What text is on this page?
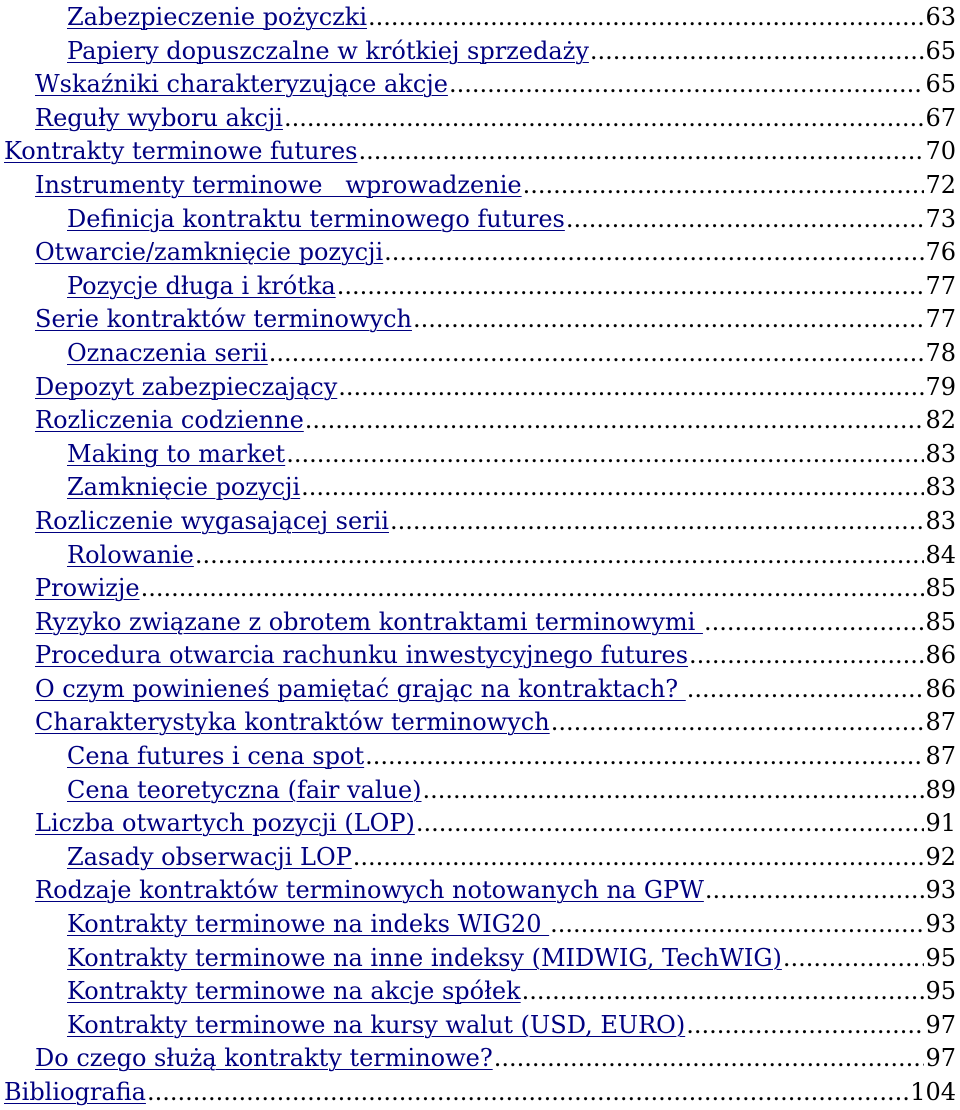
Zabezpieczenie pożyczki .....	63
Papiery dopuszczalne w krótkiej sprzedaży .....	65
Wskaźniki charakteryzujące akcje .....	65
Reguły wyboru akcji .....	67
Kontrakty terminowe futures .....	70
Instrumenty terminowe   wprowadzenie .....	72
Definicja kontraktu terminowego futures .....	73
Otwarcie/zamknięcie pozycji .....	76
Pozycje długa i krótka .....	77
Serie kontraktów terminowych .....	77
Oznaczenia serii .....	78
Depozyt zabezpieczający .....	79
Rozliczenia codzienne .....	82
Making to market .....	83
Zamknięcie pozycji .....	83
Rozliczenie wygasającej serii .....	83
Rolowanie .....	84
Prowizje .....	85
Ryzyko związane z obrotem kontraktami terminowymi .....	85
Procedura otwarcia rachunku inwestycyjnego futures .....	86
O czym powinieneś pamiętać grając na kontraktach? .....	86
Charakterystyka kontraktów terminowych .....	87
Cena futures i cena spot .....	87
Cena teoretyczna (fair value) .....	89
Liczba otwartych pozycji (LOP) .....	91
Zasady obserwacji LOP .....	92
Rodzaje kontraktów terminowych notowanych na GPW .....	93
Kontrakty terminowe na indeks WIG20 .....	93
Kontrakty terminowe na inne indeksy (MIDWIG, TechWIG) .....	95
Kontrakty terminowe na akcje spółek .....	95
Kontrakty terminowe na kursy walut (USD, EURO) .....	97
Do czego służą kontrakty terminowe? .....	97
Bibliografia .....	104
